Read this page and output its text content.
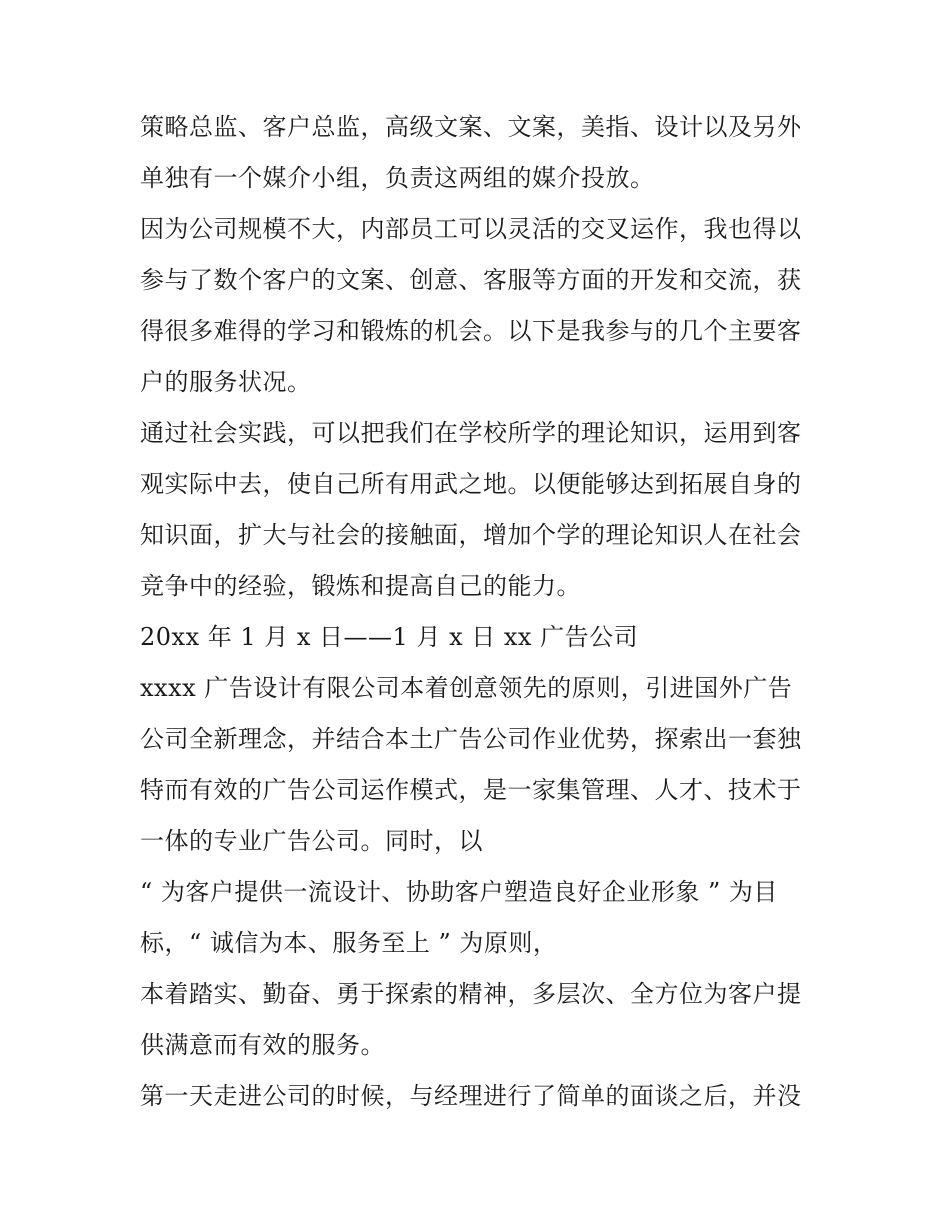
策略总监、客户总监，高级文案、文案，美指、设计以及另外
单独有一个媒介小组，负责这两组的媒介投放。
因为公司规模不大，内部员工可以灵活的交叉运作，我也得以
参与了数个客户的文案、创意、客服等方面的开发和交流，获
得很多难得的学习和锻炼的机会。以下是我参与的几个主要客
户的服务状况。
通过社会实践，可以把我们在学校所学的理论知识，运用到客
观实际中去，使自己所有用武之地。以便能够达到拓展自身的
知识面，扩大与社会的接触面，增加个学的理论知识人在社会
竞争中的经验，锻炼和提高自己的能力。
20xx 年 1 月 x 日——1 月 x 日 xx 广告公司
xxxx 广告设计有限公司本着创意领先的原则，引进国外广告
公司全新理念，并结合本土广告公司作业优势，探索出一套独
特而有效的广告公司运作模式，是一家集管理、人才、技术于
一体的专业广告公司。同时，以
“ 为客户提供一流设计、协助客户塑造良好企业形象 ” 为目
标，“ 诚信为本、服务至上 ” 为原则，
本着踏实、勤奋、勇于探索的精神，多层次、全方位为客户提
供满意而有效的服务。
第一天走进公司的时候，与经理进行了简单的面谈之后，并没
